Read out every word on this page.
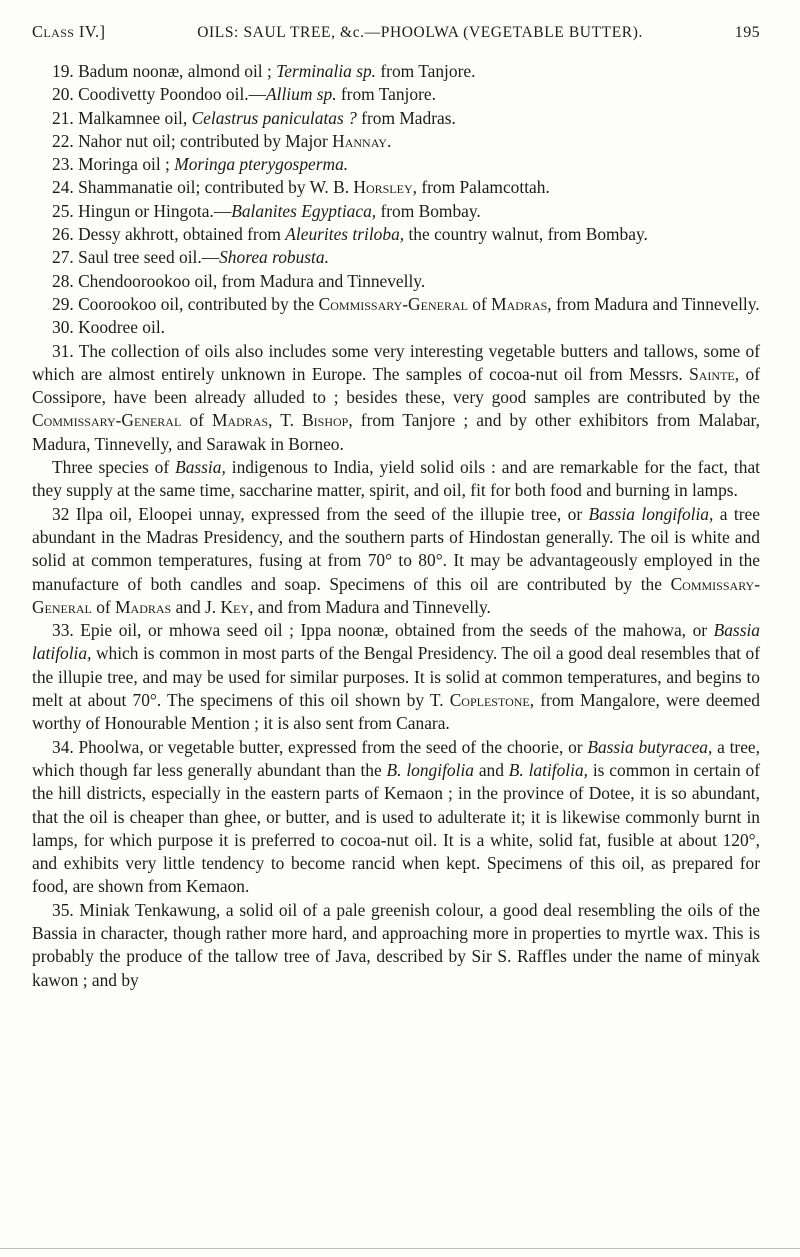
Class IV.]	OILS: SAUL TREE, &c.—PHOOLWA (VEGETABLE BUTTER).	195

19. Badum noonæ, almond oil ; Terminalia sp. from Tanjore.

20. Coodivetty Poondoo oil.—Allium sp. from Tanjore.

21. Malkamnee oil, Celastrus paniculatas ? from Madras.

22. Nahor nut oil; contributed by Major Hannay.

23. Moringa oil ; Moringa pterygosperma.

24. Shammanatie oil; contributed by W. B. Horsley, from Palamcottah.

25. Hingun or Hingota.—Balanites Egyptiaca, from Bombay.

26. Dessy akhrott, obtained from Aleurites triloba, the country walnut, from Bombay.

27. Saul tree seed oil.—Shorea robusta.

28. Chendoorookoo oil, from Madura and Tinnevelly.

29. Coorookoo oil, contributed by the Commissary-General of Madras, from Madura and Tinnevelly.

30. Koodree oil.

31. The collection of oils also includes some very interesting vegetable butters and tallows, some of which are almost entirely unknown in Europe. The samples of cocoa-nut oil from Messrs. Sainte, of Cossipore, have been already alluded to ; besides these, very good samples are contributed by the Commissary-General of Madras, T. Bishop, from Tanjore ; and by other exhibitors from Malabar, Madura, Tinnevelly, and Sarawak in Borneo.

Three species of Bassia, indigenous to India, yield solid oils : and are remarkable for the fact, that they supply at the same time, saccharine matter, spirit, and oil, fit for both food and burning in lamps.

32 Ilpa oil, Eloopei unnay, expressed from the seed of the illupie tree, or Bassia longifolia, a tree abundant in the Madras Presidency, and the southern parts of Hindostan generally. The oil is white and solid at common temperatures, fusing at from 70° to 80°. It may be advantageously employed in the manufacture of both candles and soap. Specimens of this oil are contributed by the Commissary-General of Madras and J. Key, and from Madura and Tinnevelly.

33. Epie oil, or mhowa seed oil ; Ippa noonæ, obtained from the seeds of the mahowa, or Bassia latifolia, which is common in most parts of the Bengal Presidency. The oil a good deal resembles that of the illupie tree, and may be used for similar purposes. It is solid at common temperatures, and begins to melt at about 70°. The specimens of this oil shown by T. Coplestone, from Mangalore, were deemed worthy of Honourable Mention ; it is also sent from Canara.

34. Phoolwa, or vegetable butter, expressed from the seed of the choorie, or Bassia butyracea, a tree, which though far less generally abundant than the B. longifolia and B. latifolia, is common in certain of the hill districts, especially in the eastern parts of Kemaon ; in the province of Dotee, it is so abundant, that the oil is cheaper than ghee, or butter, and is used to adulterate it; it is likewise commonly burnt in lamps, for which purpose it is preferred to cocoa-nut oil. It is a white, solid fat, fusible at about 120°, and exhibits very little tendency to become rancid when kept. Specimens of this oil, as prepared for food, are shown from Kemaon.

35. Miniak Tenkawung, a solid oil of a pale greenish colour, a good deal resembling the oils of the Bassia in character, though rather more hard, and approaching more in properties to myrtle wax. This is probably the produce of the tallow tree of Java, described by Sir S. Raffles under the name of minyak kawon ; and by
